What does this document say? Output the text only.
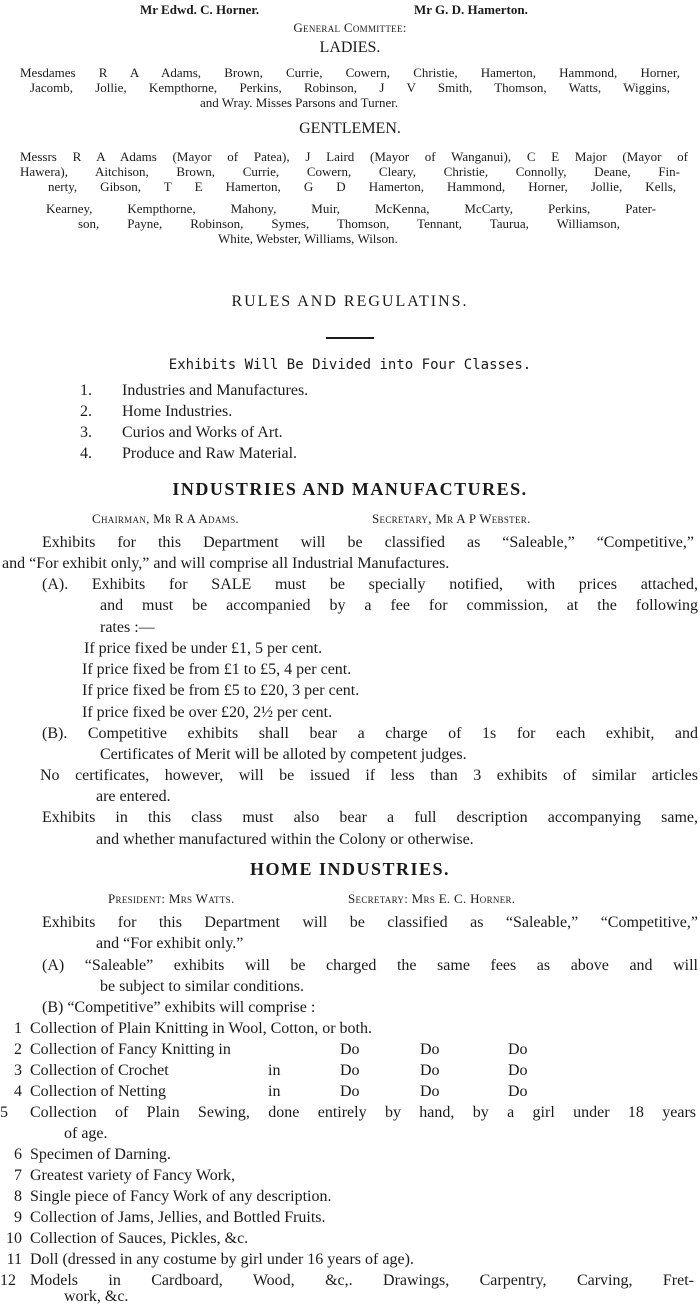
Mr Edwd. C. Horner.	Mr G. D. Hamerton.
General Committee:
LADIES.
Mesdames R A Adams, Brown, Currie, Cowern, Christie, Hamerton, Hammond, Horner,
Jacomb, Jollie, Kempthorne, Perkins, Robinson, J V Smith, Thomson, Watts, Wiggins,
and Wray. Misses Parsons and Turner.
GENTLEMEN.
Messrs R A Adams (Mayor of Patea), J Laird (Mayor of Wanganui), C E Major (Mayor of
Hawera), Aitchison, Brown, Currie, Cowern, Cleary, Christie, Connolly, Deane, Fin-
nerty, Gibson, T E Hamerton, G D Hamerton, Hammond, Horner, Jollie, Kells,
Kearney, Kempthorne, Mahony, Muir, McKenna, McCarty, Perkins, Pater-
son, Payne, Robinson, Symes, Thomson, Tennant, Taurua, Williamson,
White, Webster, Williams, Wilson.
RULES AND REGULATINS.
Exhibits Will Be Divided into Four Classes.
1. Industries and Manufactures.
2. Home Industries.
3. Curios and Works of Art.
4. Produce and Raw Material.
INDUSTRIES AND MANUFACTURES.
Chairman, Mr R A Adams.	Secretary, Mr A P Webster.
Exhibits for this Department will be classified as “Saleable,” “Competitive,”
and “For exhibit only,” and will comprise all Industrial Manufactures.
(A). Exhibits for SALE must be specially notified, with prices attached,
and must be accompanied by a fee for commission, at the following
rates :—
If price fixed be under £1, 5 per cent.
If price fixed be from £1 to £5, 4 per cent.
If price fixed be from £5 to £20, 3 per cent.
If price fixed be over £20, 2½ per cent.
(B). Competitive exhibits shall bear a charge of 1s for each exhibit, and
Certificates of Merit will be alloted by competent judges.
No certificates, however, will be issued if less than 3 exhibits of similar articles
are entered.
Exhibits in this class must also bear a full description accompanying same,
and whether manufactured within the Colony or otherwise.
HOME INDUSTRIES.
President: Mrs Watts.	Secretary: Mrs E. C. Horner.
Exhibits for this Department will be classified as “Saleable,” “Competitive,”
and “For exhibit only.”
(A) “Saleable” exhibits will be charged the same fees as above and will
be subject to similar conditions.
(B) “Competitive” exhibits will comprise :
1 Collection of Plain Knitting in Wool, Cotton, or both.
2 Collection of Fancy Knitting in	Do	Do	Do
3 Collection of Crochet	in	Do	Do	Do
4 Collection of Netting	in	Do	Do	Do
5 Collection of Plain Sewing, done entirely by hand, by a girl under 18 years
of age.
6 Specimen of Darning.
7 Greatest variety of Fancy Work,
8 Single piece of Fancy Work of any description.
9 Collection of Jams, Jellies, and Bottled Fruits.
10 Collection of Sauces, Pickles, &c.
11 Doll (dressed in any costume by girl under 16 years of age).
12 Models in Cardboard, Wood, &c,. Drawings, Carpentry, Carving, Fret-
work, &c.
